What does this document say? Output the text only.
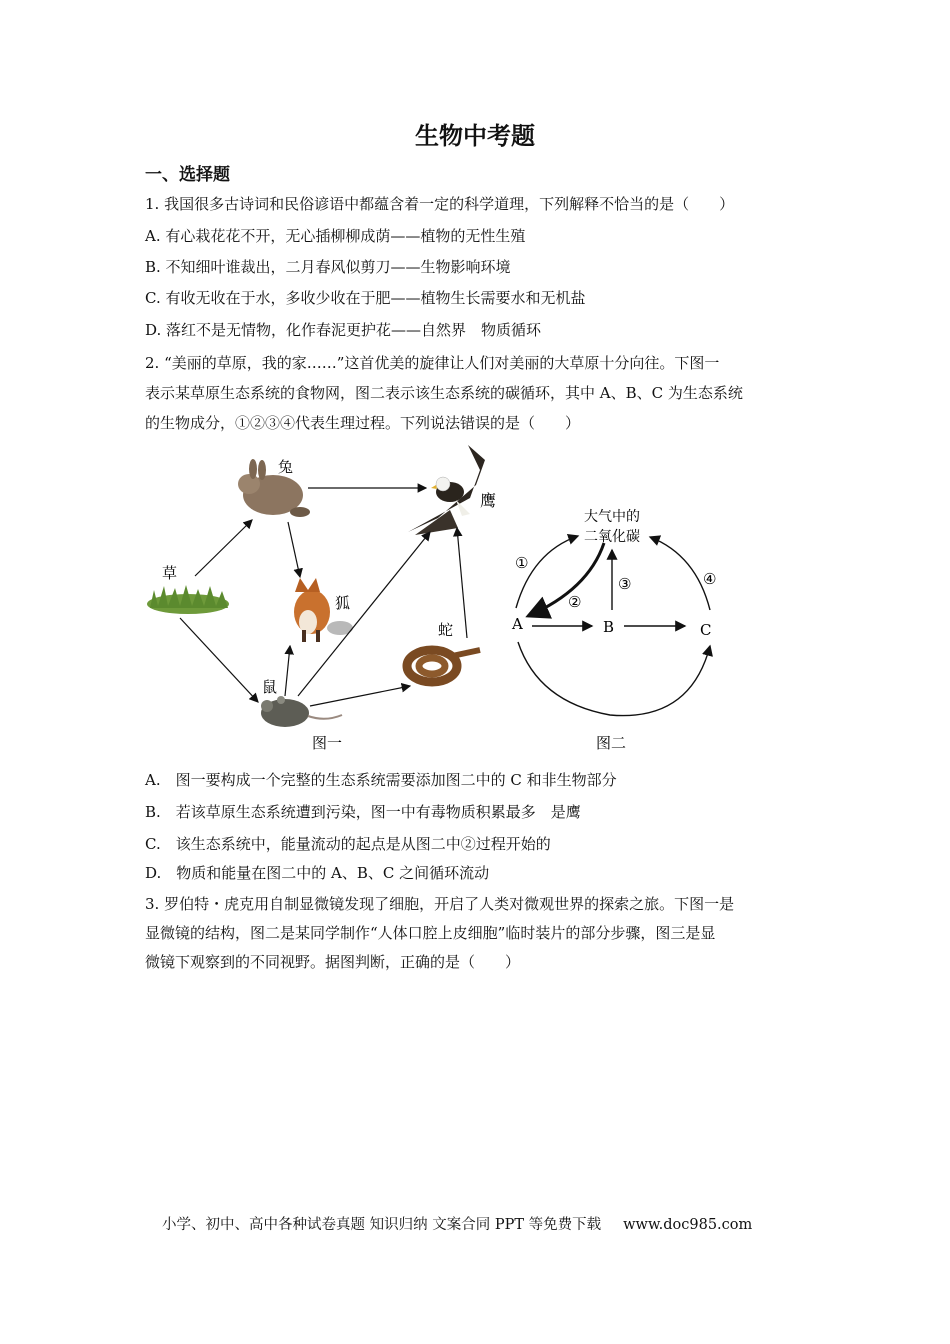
生物中考题
一、选择题
1. 我国很多古诗词和民俗谚语中都蕴含着一定的科学道理，下列解释不恰当的是（　　）
A. 有心栽花花不开，无心插柳柳成荫——植物的无性生殖
B. 不知细叶谁裁出，二月春风似剪刀——生物影响环境
C. 有收无收在于水，多收少收在于肥——植物生长需要水和无机盐
D. 落红不是无情物，化作春泥更护花——自然界　物质循环
2. “美丽的草原，我的家……”这首优美的旋律让人们对美丽的大草原十分向往。下图一
表示某草原生态系统的食物网，图二表示该生态系统的碳循环，其中 A、B、C 为生态系统
的生物成分，①②③④代表生理过程。下列说法错误的是（　　）
兔
鹰
草
狐
蛇
鼠
图一
大气中的
二氧化碳
A	B	C
①
②
③	④
图二
A.　图一要构成一个完整的生态系统需要添加图二中的 C 和非生物部分
B.　若该草原生态系统遭到污染，图一中有毒物质积累最多　是鹰
C.　该生态系统中，能量流动的起点是从图二中②过程开始的
D.　物质和能量在图二中的 A、B、C 之间循环流动
3. 罗伯特・虎克用自制显微镜发现了细胞，开启了人类对微观世界的探索之旅。下图一是
显微镜的结构，图二是某同学制作“人体口腔上皮细胞”临时装片的部分步骤，图三是显
微镜下观察到的不同视野。据图判断，正确的是（　　）
小学、初中、高中各种试卷真题 知识归纳 文案合同 PPT 等免费下载 www.doc985.com
